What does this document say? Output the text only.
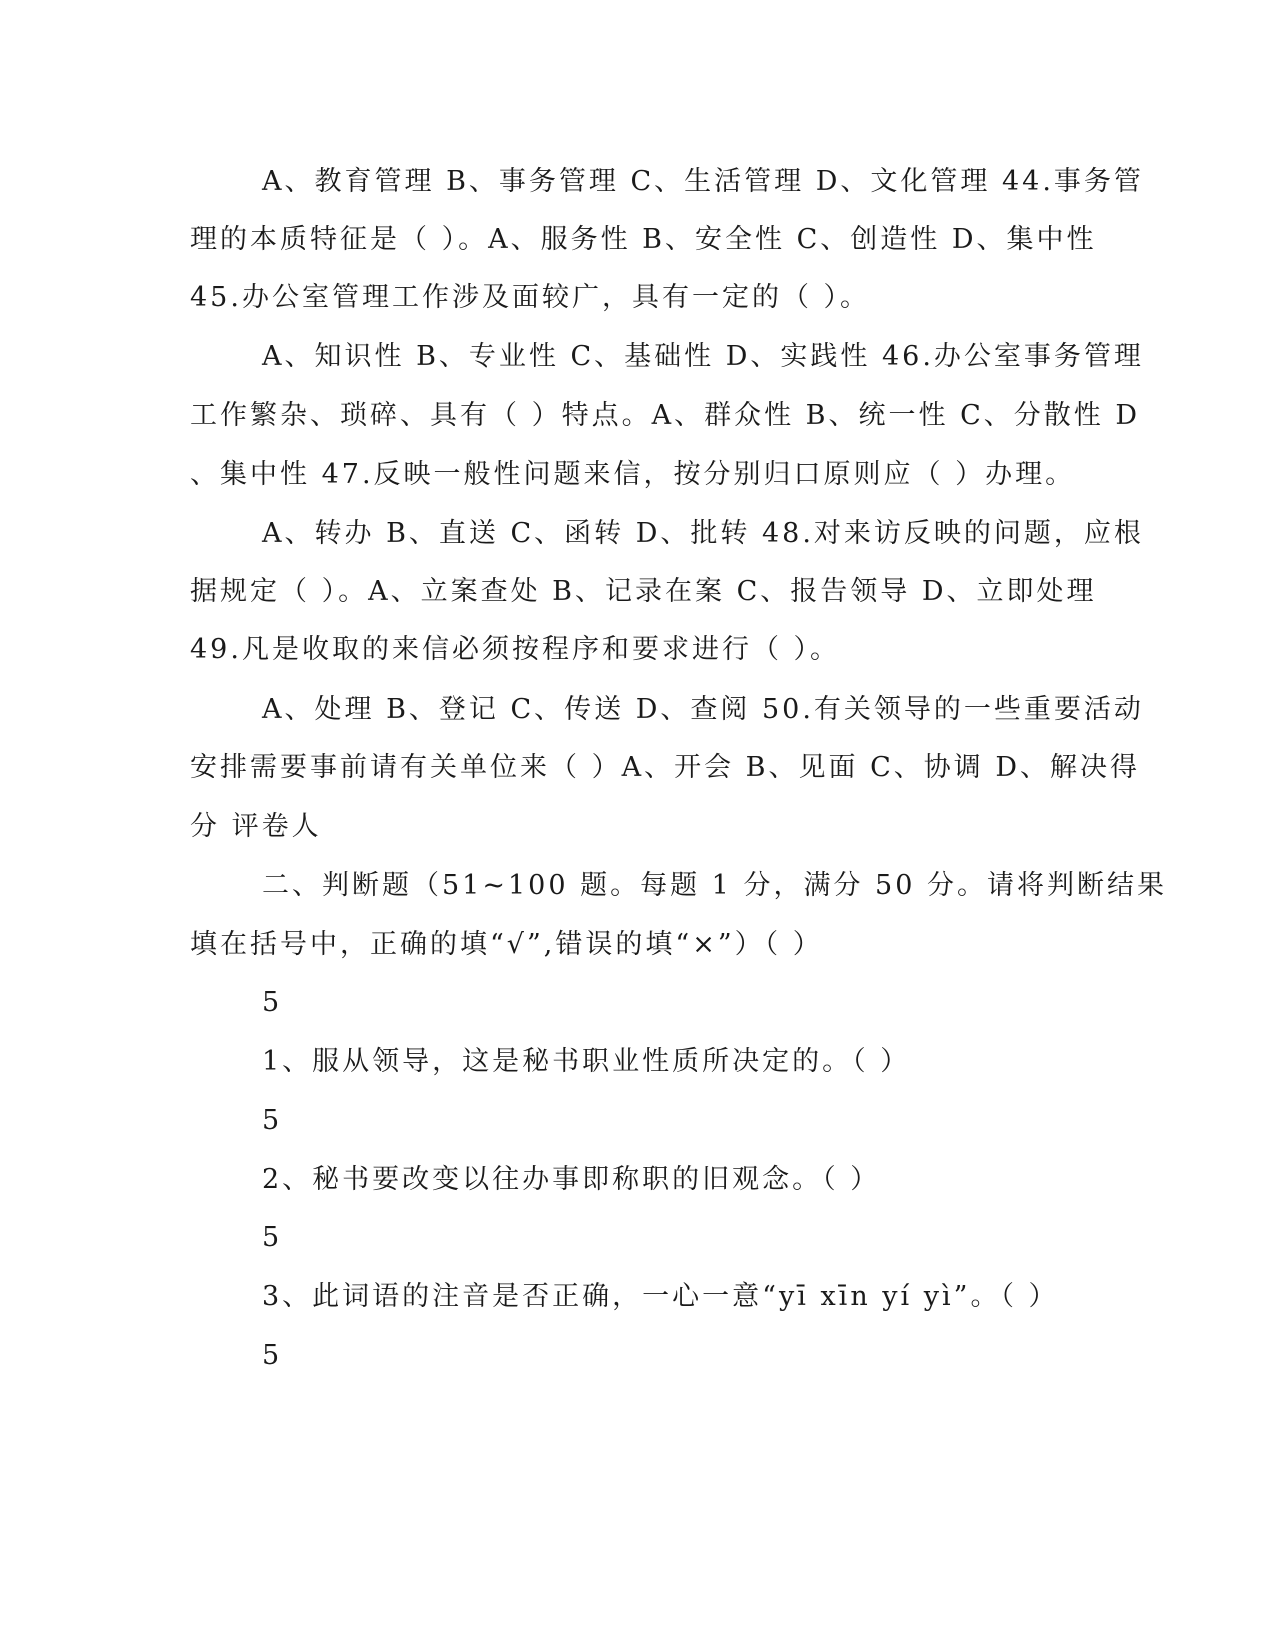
A、教育管理 B、事务管理 C、生活管理 D、文化管理 44.事务管
理的本质特征是（ ）。A、服务性 B、安全性 C、创造性 D、集中性
45.办公室管理工作涉及面较广，具有一定的（ ）。
A、知识性 B、专业性 C、基础性 D、实践性 46.办公室事务管理
工作繁杂、琐碎、具有（ ）特点。A、群众性 B、统一性 C、分散性 D
、集中性 47.反映一般性问题来信，按分别归口原则应（ ）办理。
A、转办 B、直送 C、函转 D、批转 48.对来访反映的问题，应根
据规定（ ）。A、立案查处 B、记录在案 C、报告领导 D、立即处理
49.凡是收取的来信必须按程序和要求进行（ ）。
A、处理 B、登记 C、传送 D、查阅 50.有关领导的一些重要活动
安排需要事前请有关单位来（ ）A、开会 B、见面 C、协调 D、解决得
分 评卷人
二、判断题（51~100 题。每题 1 分，满分 50 分。请将判断结果
填在括号中，正确的填“√”,错误的填“×”）（ ）
5
1、服从领导，这是秘书职业性质所决定的。（ ）
5
2、秘书要改变以往办事即称职的旧观念。（ ）
5
3、此词语的注音是否正确，一心一意“yī xīn yí yì”。（ ）
5
